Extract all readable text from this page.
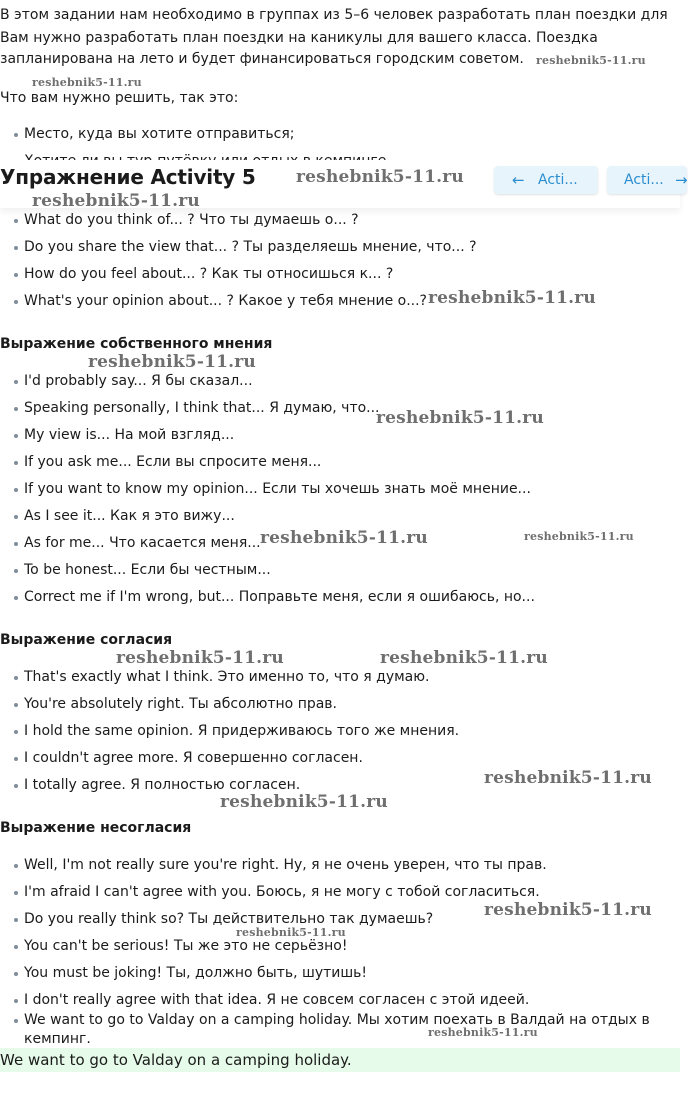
В этом задании нам необходимо в группах из 5–6 человек разработать план поездки для

Вам нужно разработать план поездки на каникулы для вашего класса. Поездка

запланирована на лето и будет финансироваться городским советом.

Что вам нужно решить, так это:
Место, куда вы хотите отправиться;
Упражнение Activity 5	← Acti...	Acti... →
What do you think of... ? Что ты думаешь о... ?
Do you share the view that... ? Ты разделяешь мнение, что... ?
How do you feel about... ? Как ты относишься к... ?
What's your opinion about... ? Какое у тебя мнение о...?
Выражение собственного мнения
I'd probably say... Я бы сказал...
Speaking personally, I think that... Я думаю, что...
My view is... На мой взгляд...
If you ask me... Если вы спросите меня...
If you want to know my opinion... Если ты хочешь знать моё мнение...
As I see it... Как я это вижу...
As for me... Что касается меня...
To be honest... Если бы честным...
Correct me if I'm wrong, but... Поправьте меня, если я ошибаюсь, но...
Выражение согласия
That's exactly what I think. Это именно то, что я думаю.
You're absolutely right. Ты абсолютно прав.
I hold the same opinion. Я придерживаюсь того же мнения.
I couldn't agree more. Я совершенно согласен.
I totally agree. Я полностью согласен.
Выражение несогласия
Well, I'm not really sure you're right. Ну, я не очень уверен, что ты прав.
I'm afraid I can't agree with you. Боюсь, я не могу с тобой согласиться.
Do you really think so? Ты действительно так думаешь?
You can't be serious! Ты же это не серьёзно!
You must be joking! Ты, должно быть, шутишь!
I don't really agree with that idea. Я не совсем согласен с этой идеей.
We want to go to Valday on a camping holiday. Мы хотим поехать в Валдай на отдых в
кемпинг.
We want to go to Valday on a camping holiday.
reshebnik5-11.ru
reshebnik5-11.ru
reshebnik5-11.ru
reshebnik5-11.ru
reshebnik5-11.ru
reshebnik5-11.ru
reshebnik5-11.ru
reshebnik5-11.ru	reshebnik5-11.ru
reshebnik5-11.ru	reshebnik5-11.ru
reshebnik5-11.ru
reshebnik5-11.ru
reshebnik5-11.ru
reshebnik5-11.ru
reshebnik5-11.ru
